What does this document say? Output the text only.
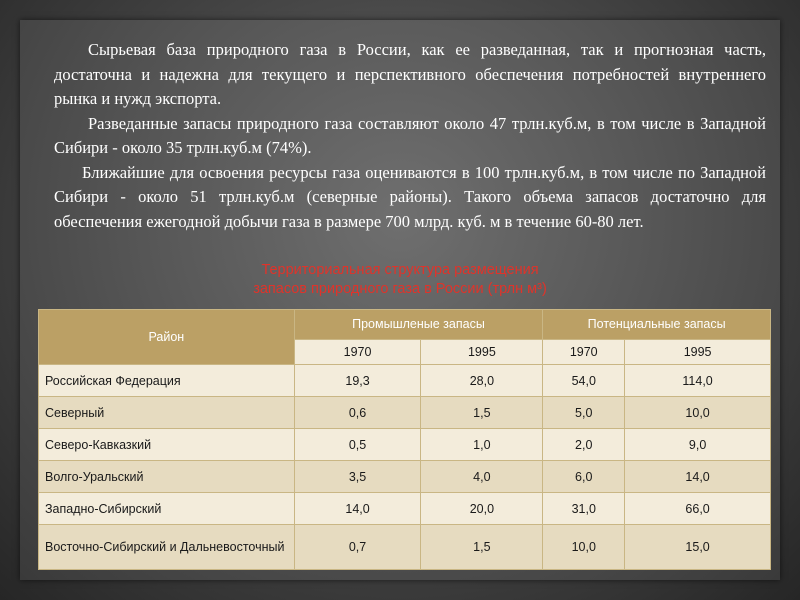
Сырьевая база природного газа в России, как ее разведанная, так и прогнозная часть, достаточна и надежна для текущего и перспективного обеспечения потребностей внутреннего рынка и нужд экспорта.

Разведанные запасы природного газа составляют около 47 трлн.куб.м, в том числе в Западной Сибири - около 35 трлн.куб.м (74%).

Ближайшие для освоения ресурсы газа оцениваются в 100 трлн.куб.м, в том числе по Западной Сибири - около 51 трлн.куб.м (северные районы). Такого объема запасов достаточно для обеспечения ежегодной добычи газа в размере 700 млрд. куб. м в течение 60-80 лет.

Территориальная структура размещения
запасов природного газа в России (трлн м³)
Район	Промышленые запасы		Потенциальные запасы	
	1970	1995	1970	1995
Российская Федерация	19,3	28,0	54,0	114,0
Северный	0,6	1,5	5,0	10,0
Северо-Кавказкий	0,5	1,0	2,0	9,0
Волго-Уральский	3,5	4,0	6,0	14,0
Западно-Сибирский	14,0	20,0	31,0	66,0
Восточно-Сибирский и Дальневосточный	0,7	1,5	10,0	15,0
